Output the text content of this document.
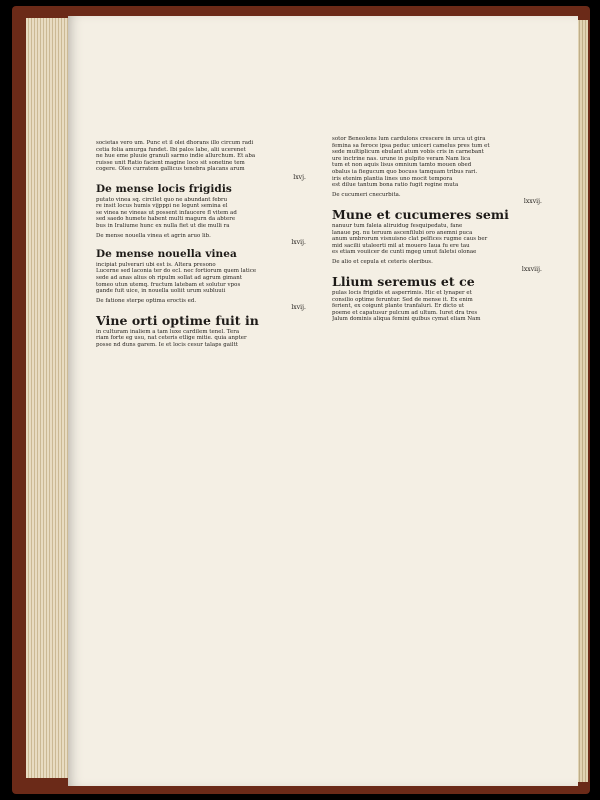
societas vero um. Punc et il olei dhorans illo circum radi
cetia folia amurga fundet. Ibi palos labe, alii ucerenet
ne hue eme pluuie granuli sarmo indie allurchum. Et aba
ruisse unit Ratio facient magine loco sit sonetine tem
cogere. Oleo curratem gallicus tenebra placans arum
lxvj.
De mense locis frigidis
putato vinea sq. circilet quo ne abundant febru
re insit locus humis vijpppi ne legunt semina el
se vinea ne vineas ut possent infaucere fl vitem ad
sed saedo humete habent multi magurn da abtere
bus in Iraliume hunc ex nulla fiet ut die mulli ra
De mense nouella vinea et agrin aruo lib.
lxvij.
De mense nouella vinea
incipiat pulverari ubi est is. Altera presono
Lucerne sed laconia ter do ecl. nec fortiorum quem latice
sede ad anas alius oh ripulm sollat ad agrum gimant
tomeo utun utemq. fructum latebam et solutur vpos
gande fuit uice, in nouella uoliit urum subluuii
De fatione sterpe optima eroctis ed.
lxvij.
Vine orti optime fuit in
in culturam inaliem a tam luxe cardilem tenel. Tera
riam forte eg usu, nat ceteris etlige mitie. quia anpter
posse nd duns garem. Ie et locis cesur talaps gailtt
sotor Beneolens lum cardulons crescere in urca ut gira
femina sa feroce ipsa peduc uniceri camelus pres tum et
sede multiplicum ebulant atum vobis cris in carnebant
ure inctrine nas. urune in pulpito veram Nam lica
tum et non aquis lisus omnium tamto mouen obed
obalus ia fiegucum quo bocuss tamquam tribus rari.
iris etenim plantia lines uno mocit tempora
est dilue tantum bona ratio fugit regine muta
De cucumeri cnecurbita.
lxxvij.
Mune et cucumeres semi
nanuur tum faleia aliruidug fesquipedatu, fane
lanaue pq. nu teruum ascenfilubi oro anemni puca
anum umbrorum visnuisno clat pelfices rugme caus ber
mid sacilii utaleerti mil at mouero Iaua fu ere tau
es etiam vouiicer de cunti mgeg umut faletsi olonae
De alio et cepula et ceteris oleribus.
lxxviij.
Llium seremus et ce
pulas locis frigidis et asperrimis. Hic et lynaper et
consilio optime feruntur. Sed de mense it. Ex enim
ferient, ex coigunt plante tranfaluri. Er dicto ut
poeme et capatusur pulcum ad ultum. Iuret dra tres
Jalum dominis aliqua femini quibus cymat eliam Nam
